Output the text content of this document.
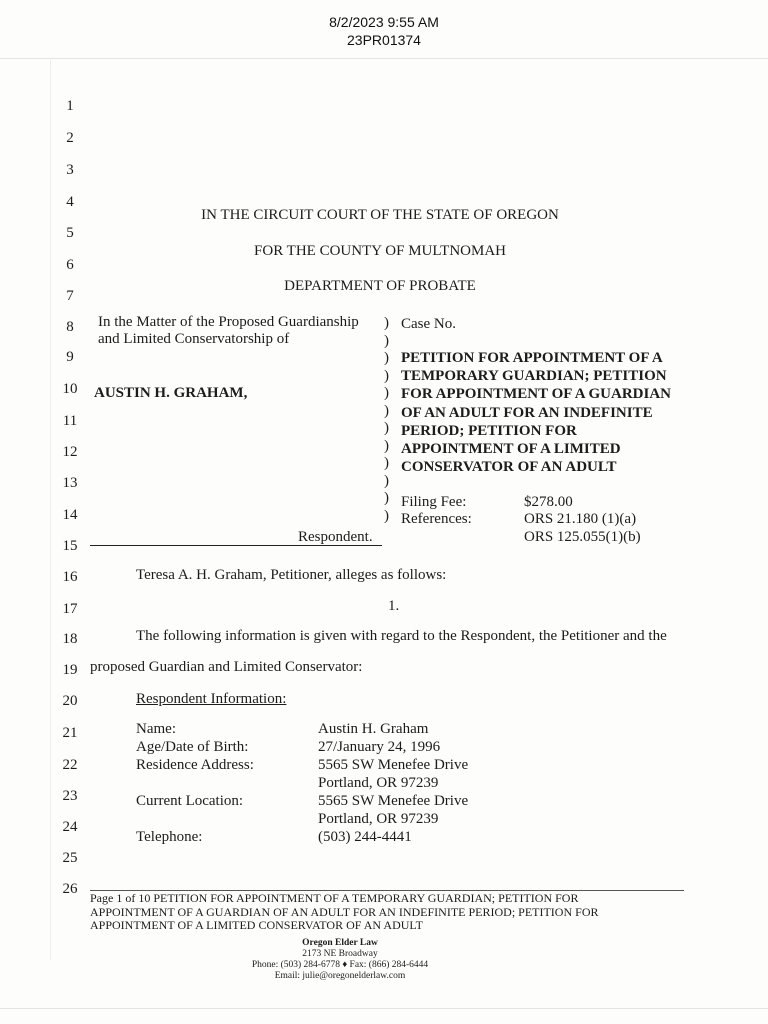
8/2/2023 9:55 AM
23PR01374
1
2
3
4
5
6
7
8
9
10
11
12
13
14
15
16
17
18
19
20
21
22
23
24
25
26
IN THE CIRCUIT COURT OF THE STATE OF OREGON
FOR THE COUNTY OF MULTNOMAH
DEPARTMENT OF PROBATE
In the Matter of the Proposed Guardianship
and Limited Conservatorship of
AUSTIN H. GRAHAM,
Respondent.
)
)
)
)
)
)
)
)
)
)
)
)
Case No.
PETITION FOR APPOINTMENT OF A
TEMPORARY GUARDIAN; PETITION
FOR APPOINTMENT OF A GUARDIAN
OF AN ADULT FOR AN INDEFINITE
PERIOD; PETITION FOR
APPOINTMENT OF A LIMITED
CONSERVATOR OF AN ADULT
Filing Fee:	$278.00
References:	ORS 21.180 (1)(a)
ORS 125.055(1)(b)
Teresa A. H. Graham, Petitioner, alleges as follows:
1.
The following information is given with regard to the Respondent, the Petitioner and the
proposed Guardian and Limited Conservator:
Respondent Information:
Name:	Austin H. Graham
Age/Date of Birth:	27/January 24, 1996
Residence Address:	5565 SW Menefee Drive
Portland, OR 97239
Current Location:	5565 SW Menefee Drive
Portland, OR 97239
Telephone:	(503) 244-4441
Page 1 of 10 PETITION FOR APPOINTMENT OF A TEMPORARY GUARDIAN; PETITION FOR
APPOINTMENT OF A GUARDIAN OF AN ADULT FOR AN INDEFINITE PERIOD; PETITION FOR
APPOINTMENT OF A LIMITED CONSERVATOR OF AN ADULT
Oregon Elder Law
2173 NE Broadway
Phone: (503) 284-6778 ♦ Fax: (866) 284-6444
Email: julie@oregonelderlaw.com
